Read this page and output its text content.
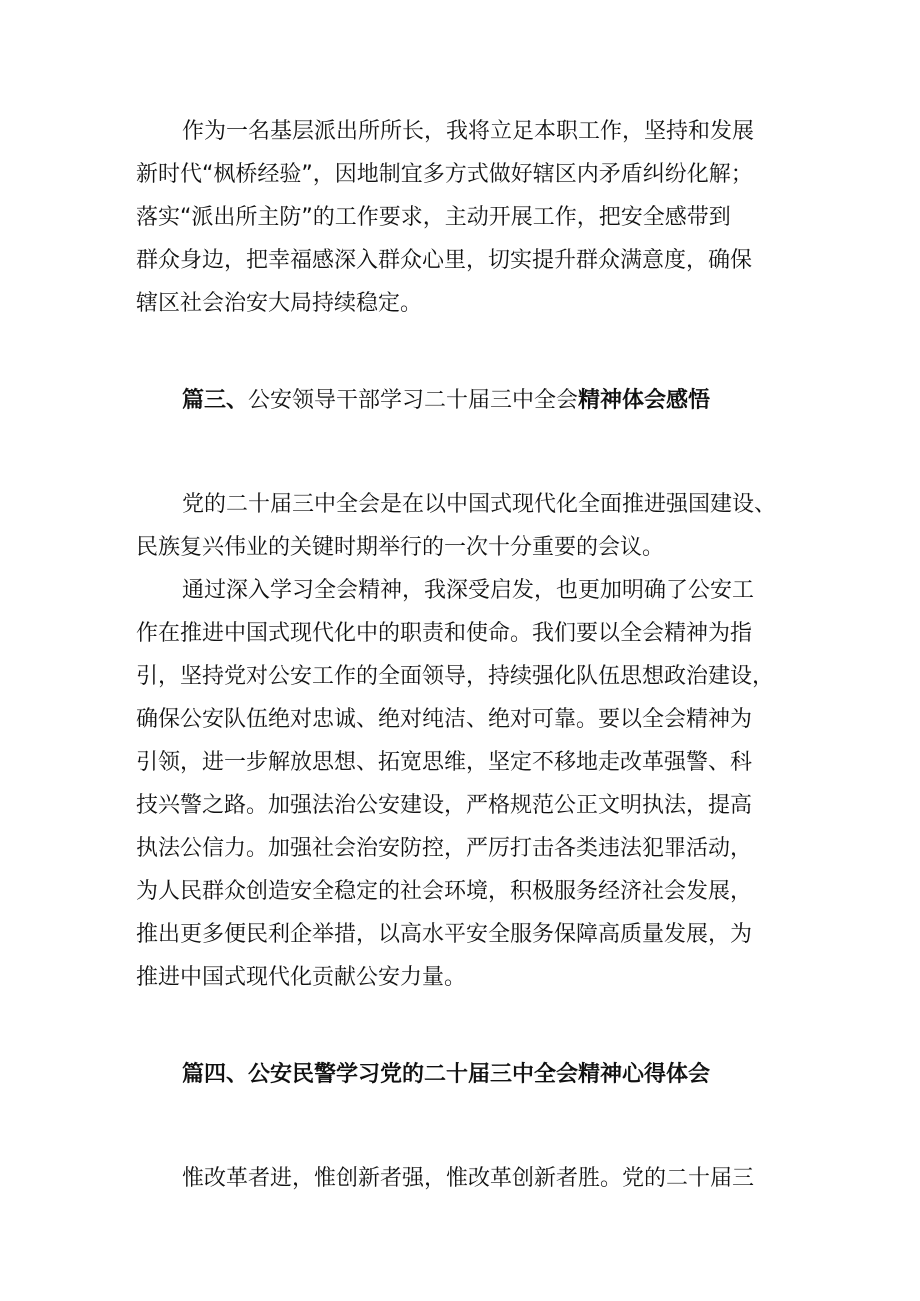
作为一名基层派出所所长，我将立足本职工作，坚持和发展
新时代“枫桥经验”，因地制宜多方式做好辖区内矛盾纠纷化解；
落实“派出所主防”的工作要求，主动开展工作，把安全感带到
群众身边，把幸福感深入群众心里，切实提升群众满意度，确保
辖区社会治安大局持续稳定。
篇三、公安领导干部学习二十届三中全会精神体会感悟
党的二十届三中全会是在以中国式现代化全面推进强国建设、
民族复兴伟业的关键时期举行的一次十分重要的会议。
通过深入学习全会精神，我深受启发，也更加明确了公安工
作在推进中国式现代化中的职责和使命。我们要以全会精神为指
引，坚持党对公安工作的全面领导，持续强化队伍思想政治建设，
确保公安队伍绝对忠诚、绝对纯洁、绝对可靠。要以全会精神为
引领，进一步解放思想、拓宽思维，坚定不移地走改革强警、科
技兴警之路。加强法治公安建设，严格规范公正文明执法，提高
执法公信力。加强社会治安防控，严厉打击各类违法犯罪活动，
为人民群众创造安全稳定的社会环境，积极服务经济社会发展，
推出更多便民利企举措，以高水平安全服务保障高质量发展，为
推进中国式现代化贡献公安力量。
篇四、公安民警学习党的二十届三中全会精神心得体会
惟改革者进，惟创新者强，惟改革创新者胜。党的二十届三
